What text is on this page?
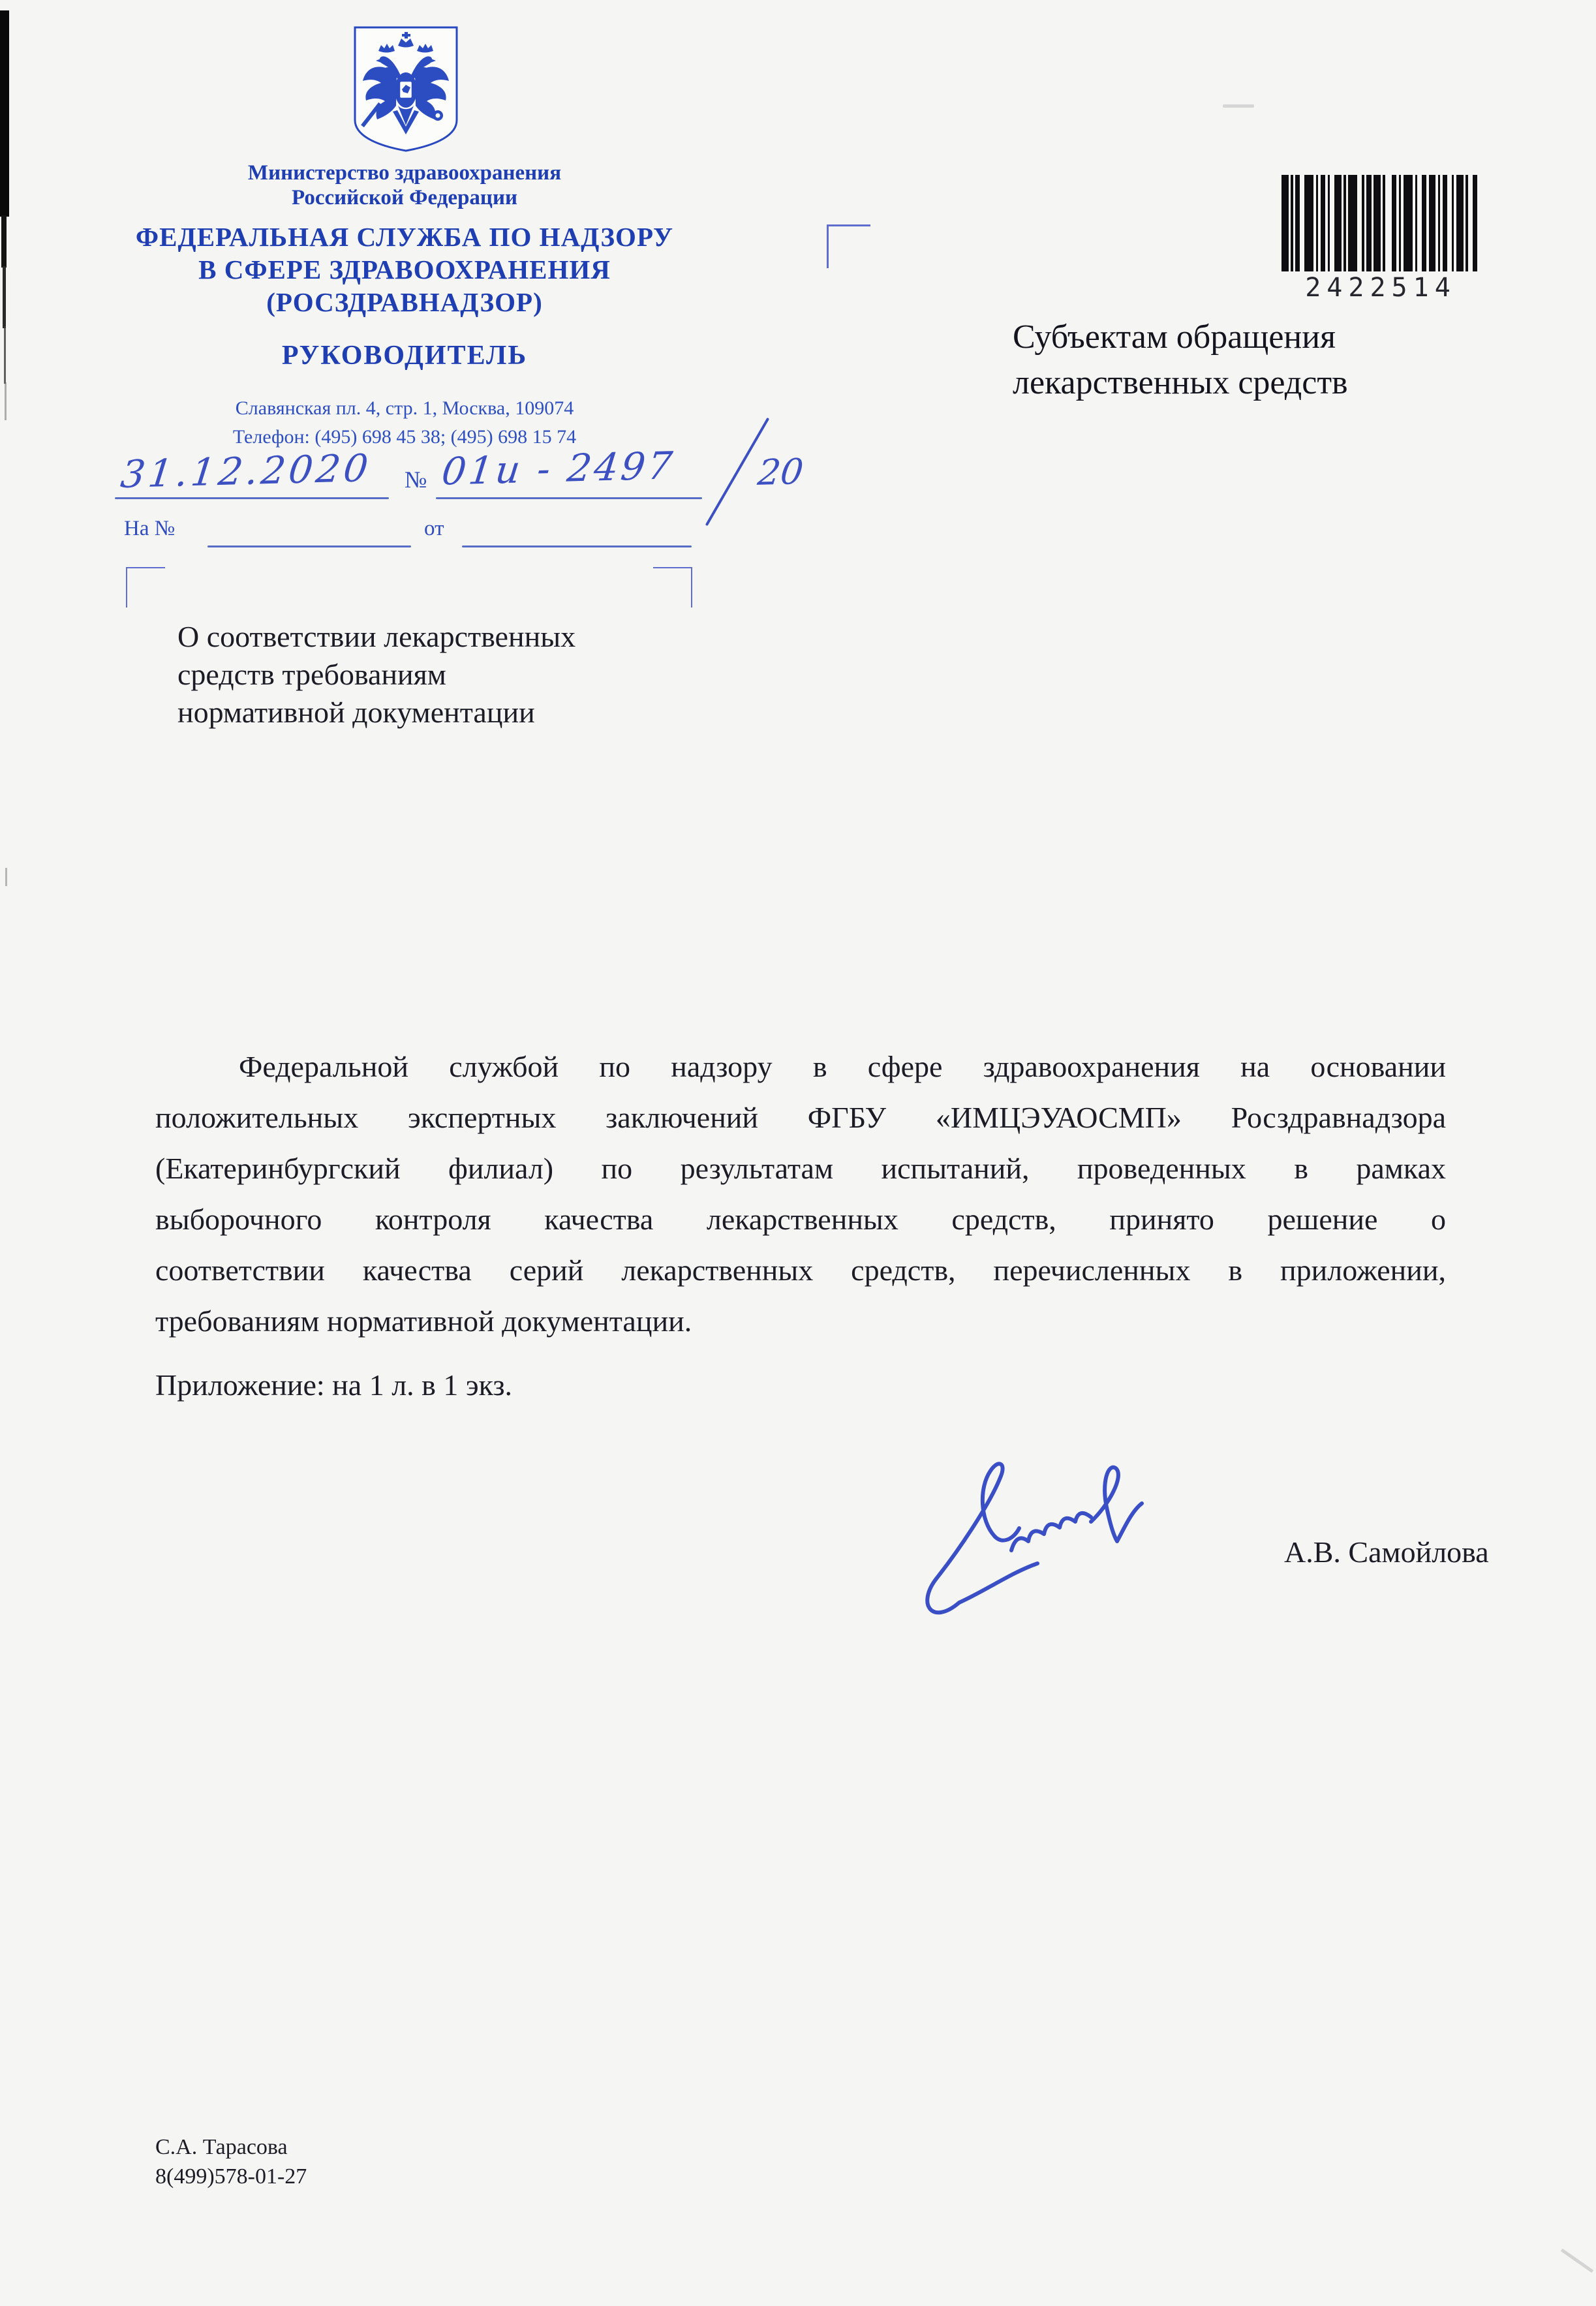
Министерство здравоохранения
Российской Федерации
ФЕДЕРАЛЬНАЯ СЛУЖБА ПО НАДЗОРУ
В СФЕРЕ ЗДРАВООХРАНЕНИЯ
(РОСЗДРАВНАДЗОР)
РУКОВОДИТЕЛЬ
Славянская пл. 4, стр. 1, Москва, 109074
Телефон: (495) 698 45 38; (495) 698 15 74
31.12.2020 № 01и - 2497 20
На №	от
2422514
Субъектам обращения
лекарственных средств
О соответствии лекарственных
средств требованиям
нормативной документации
Федеральной службой по надзору в сфере здравоохранения на основании
положительных экспертных заключений ФГБУ «ИМЦЭУАОСМП» Росздравнадзора
(Екатеринбургский филиал) по результатам испытаний, проведенных в рамках
выборочного контроля качества лекарственных средств, принято решение о
соответствии качества серий лекарственных средств, перечисленных в приложении,
требованиям нормативной документации.
Приложение: на 1 л. в 1 экз.
А.В. Самойлова
С.А. Тарасова
8(499)578-01-27
